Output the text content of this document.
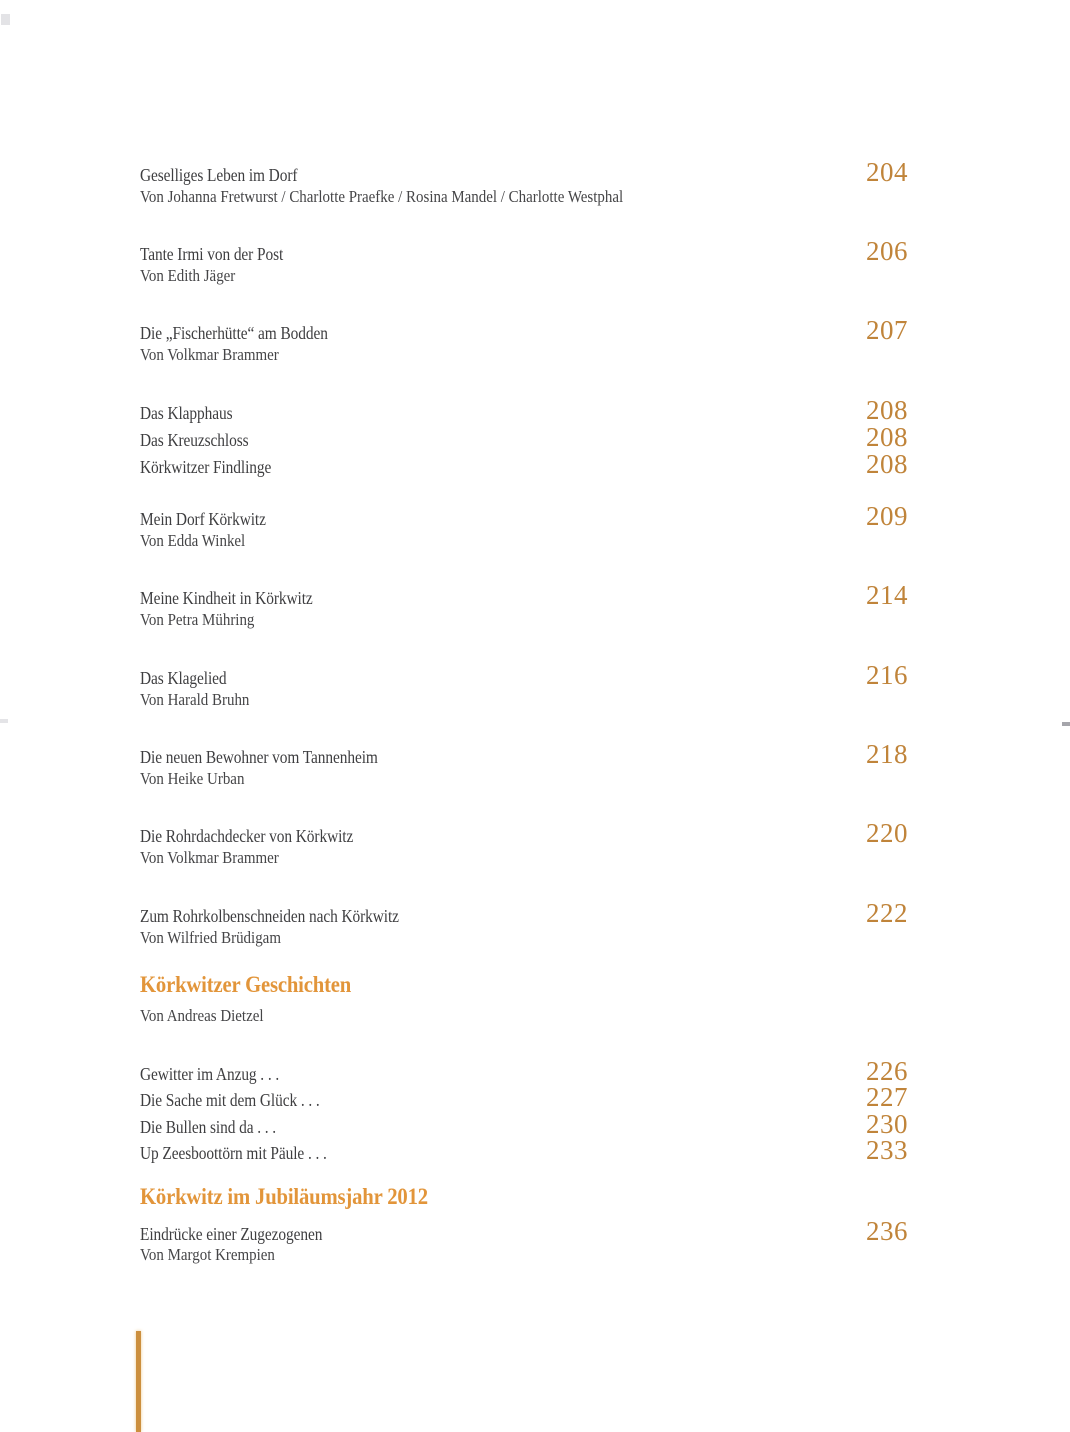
Geselliges Leben im Dorf	204
Von Johanna Fretwurst / Charlotte Praefke / Rosina Mandel / Charlotte Westphal
Tante Irmi von der Post	206
Von Edith Jäger
Die „Fischerhütte“ am Bodden	207
Von Volkmar Brammer
Das Klapphaus	208
Das Kreuzschloss	208
Körkwitzer Findlinge	208
Mein Dorf Körkwitz	209
Von Edda Winkel
Meine Kindheit in Körkwitz	214
Von Petra Mühring
Das Klagelied	216
Von Harald Bruhn
Die neuen Bewohner vom Tannenheim	218
Von Heike Urban
Die Rohrdachdecker von Körkwitz	220
Von Volkmar Brammer
Zum Rohrkolbenschneiden nach Körkwitz	222
Von Wilfried Brüdigam
Körkwitzer Geschichten
Von Andreas Dietzel
Gewitter im Anzug . . .	226
Die Sache mit dem Glück . . .	227
Die Bullen sind da . . .	230
Up Zeesboottörn mit Päule . . .	233
Körkwitz im Jubiläumsjahr 2012
Eindrücke einer Zugezogenen	236
Von Margot Krempien
